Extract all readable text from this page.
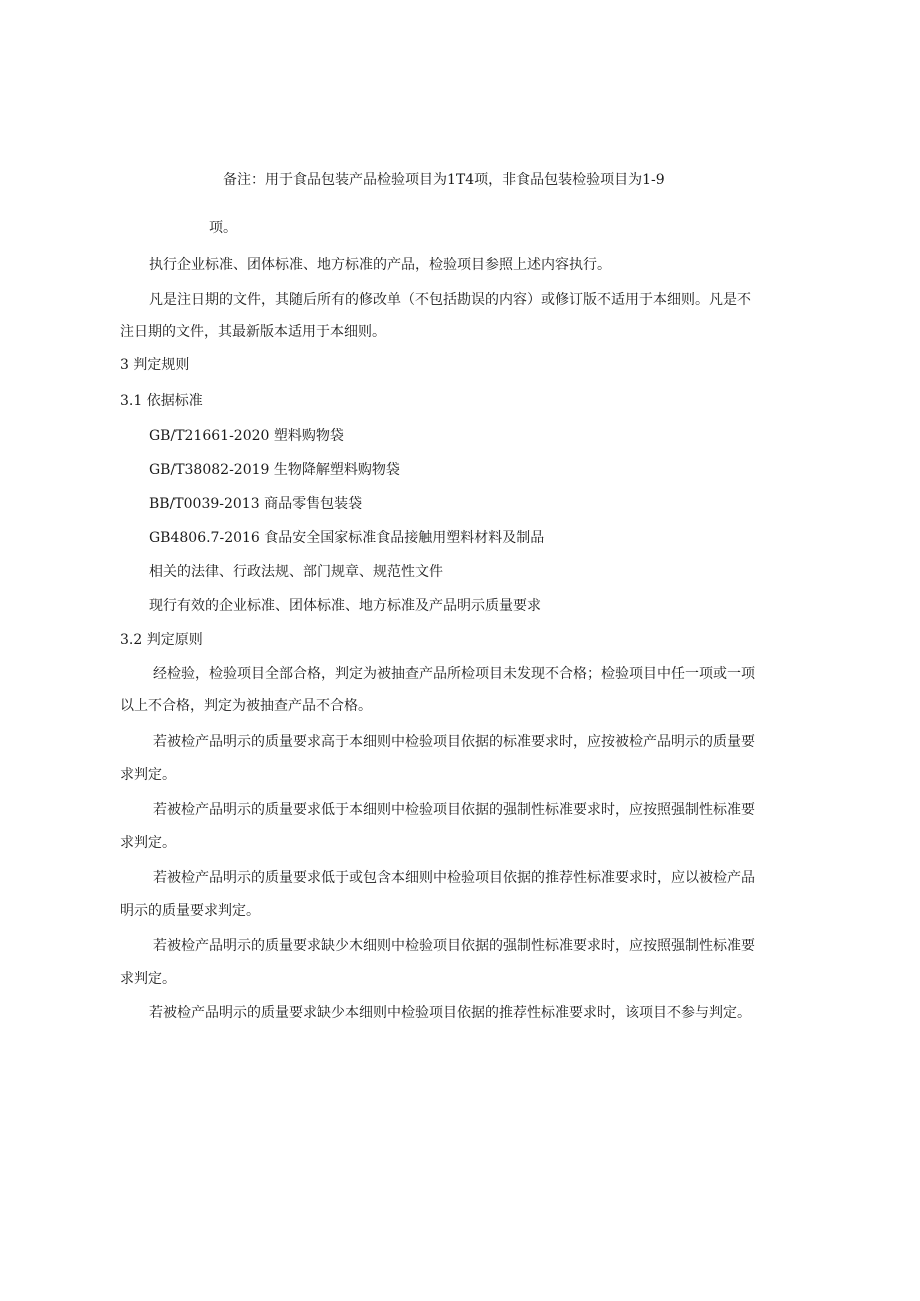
备注：用于食品包装产品检验项目为1T4项，非食品包装检验项目为1-9
项。
执行企业标准、团体标准、地方标准的产品，检验项目参照上述内容执行。
凡是注日期的文件，其随后所有的修改单（不包括勘误的内容）或修订版不适用于本细则。凡是不
注日期的文件，其最新版本适用于本细则。
3 判定规则
3.1 依据标准
GB/T21661-2020 塑料购物袋
GB/T38082-2019 生物降解塑料购物袋
BB/T0039-2013 商品零售包装袋
GB4806.7-2016 食品安全国家标准食品接触用塑料材料及制品
相关的法律、行政法规、部门规章、规范性文件
现行有效的企业标准、团体标准、地方标准及产品明示质量要求
3.2 判定原则
经检验，检验项目全部合格，判定为被抽查产品所检项目未发现不合格；检验项目中任一项或一项
以上不合格，判定为被抽查产品不合格。
若被检产品明示的质量要求高于本细则中检验项目依据的标准要求时，应按被检产品明示的质量要
求判定。
若被检产品明示的质量要求低于本细则中检验项目依据的强制性标准要求时，应按照强制性标准要
求判定。
若被检产品明示的质量要求低于或包含本细则中检验项目依据的推荐性标准要求时，应以被检产品
明示的质量要求判定。
若被检产品明示的质量要求缺少木细则中检验项目依据的强制性标准要求时，应按照强制性标准要
求判定。
若被检产品明示的质量要求缺少本细则中检验项目依据的推荐性标准要求时，该项目不参与判定。
